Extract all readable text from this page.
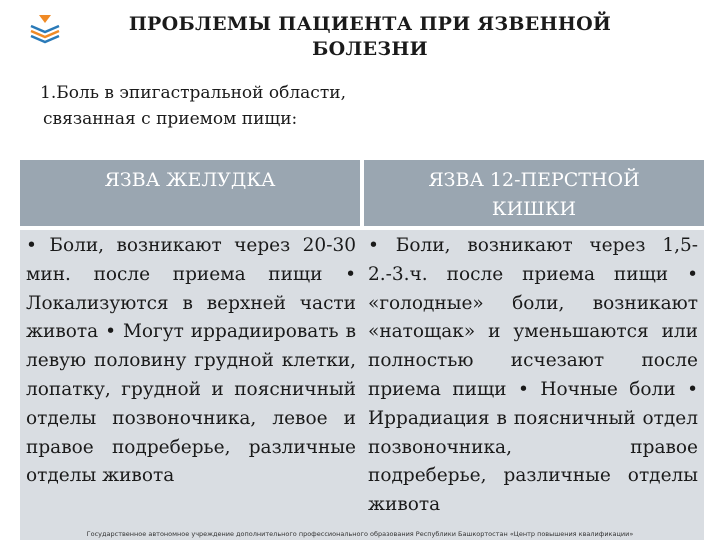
ПРОБЛЕМЫ ПАЦИЕНТА ПРИ ЯЗВЕННОЙ
БОЛЕЗНИ
1.Боль в эпигастральной области,
связанная с приемом пищи:
ЯЗВА ЖЕЛУДКА	ЯЗВА 12-ПЕРСТНОЙ
КИШКИ
• Боли, возникают через 20-30 мин. после приема пищи • Локализуются в верхней части живота • Могут иррадиировать в левую половину грудной клетки, лопатку, грудной и поясничный отделы позвоночника, левое и правое подреберье, различные отделы живота
• Боли, возникают через 1,5-2.-3.ч. после приема пищи • «голодные» боли, возникают «натощак» и уменьшаются или полностью исчезают после приема пищи • Ночные боли • Иррадиация в поясничный отдел позвоночника, правое подреберье, различные отделы живота
Государственное автономное учреждение дополнительного профессионального образования Республики Башкортостан «Центр повышения квалификации»
